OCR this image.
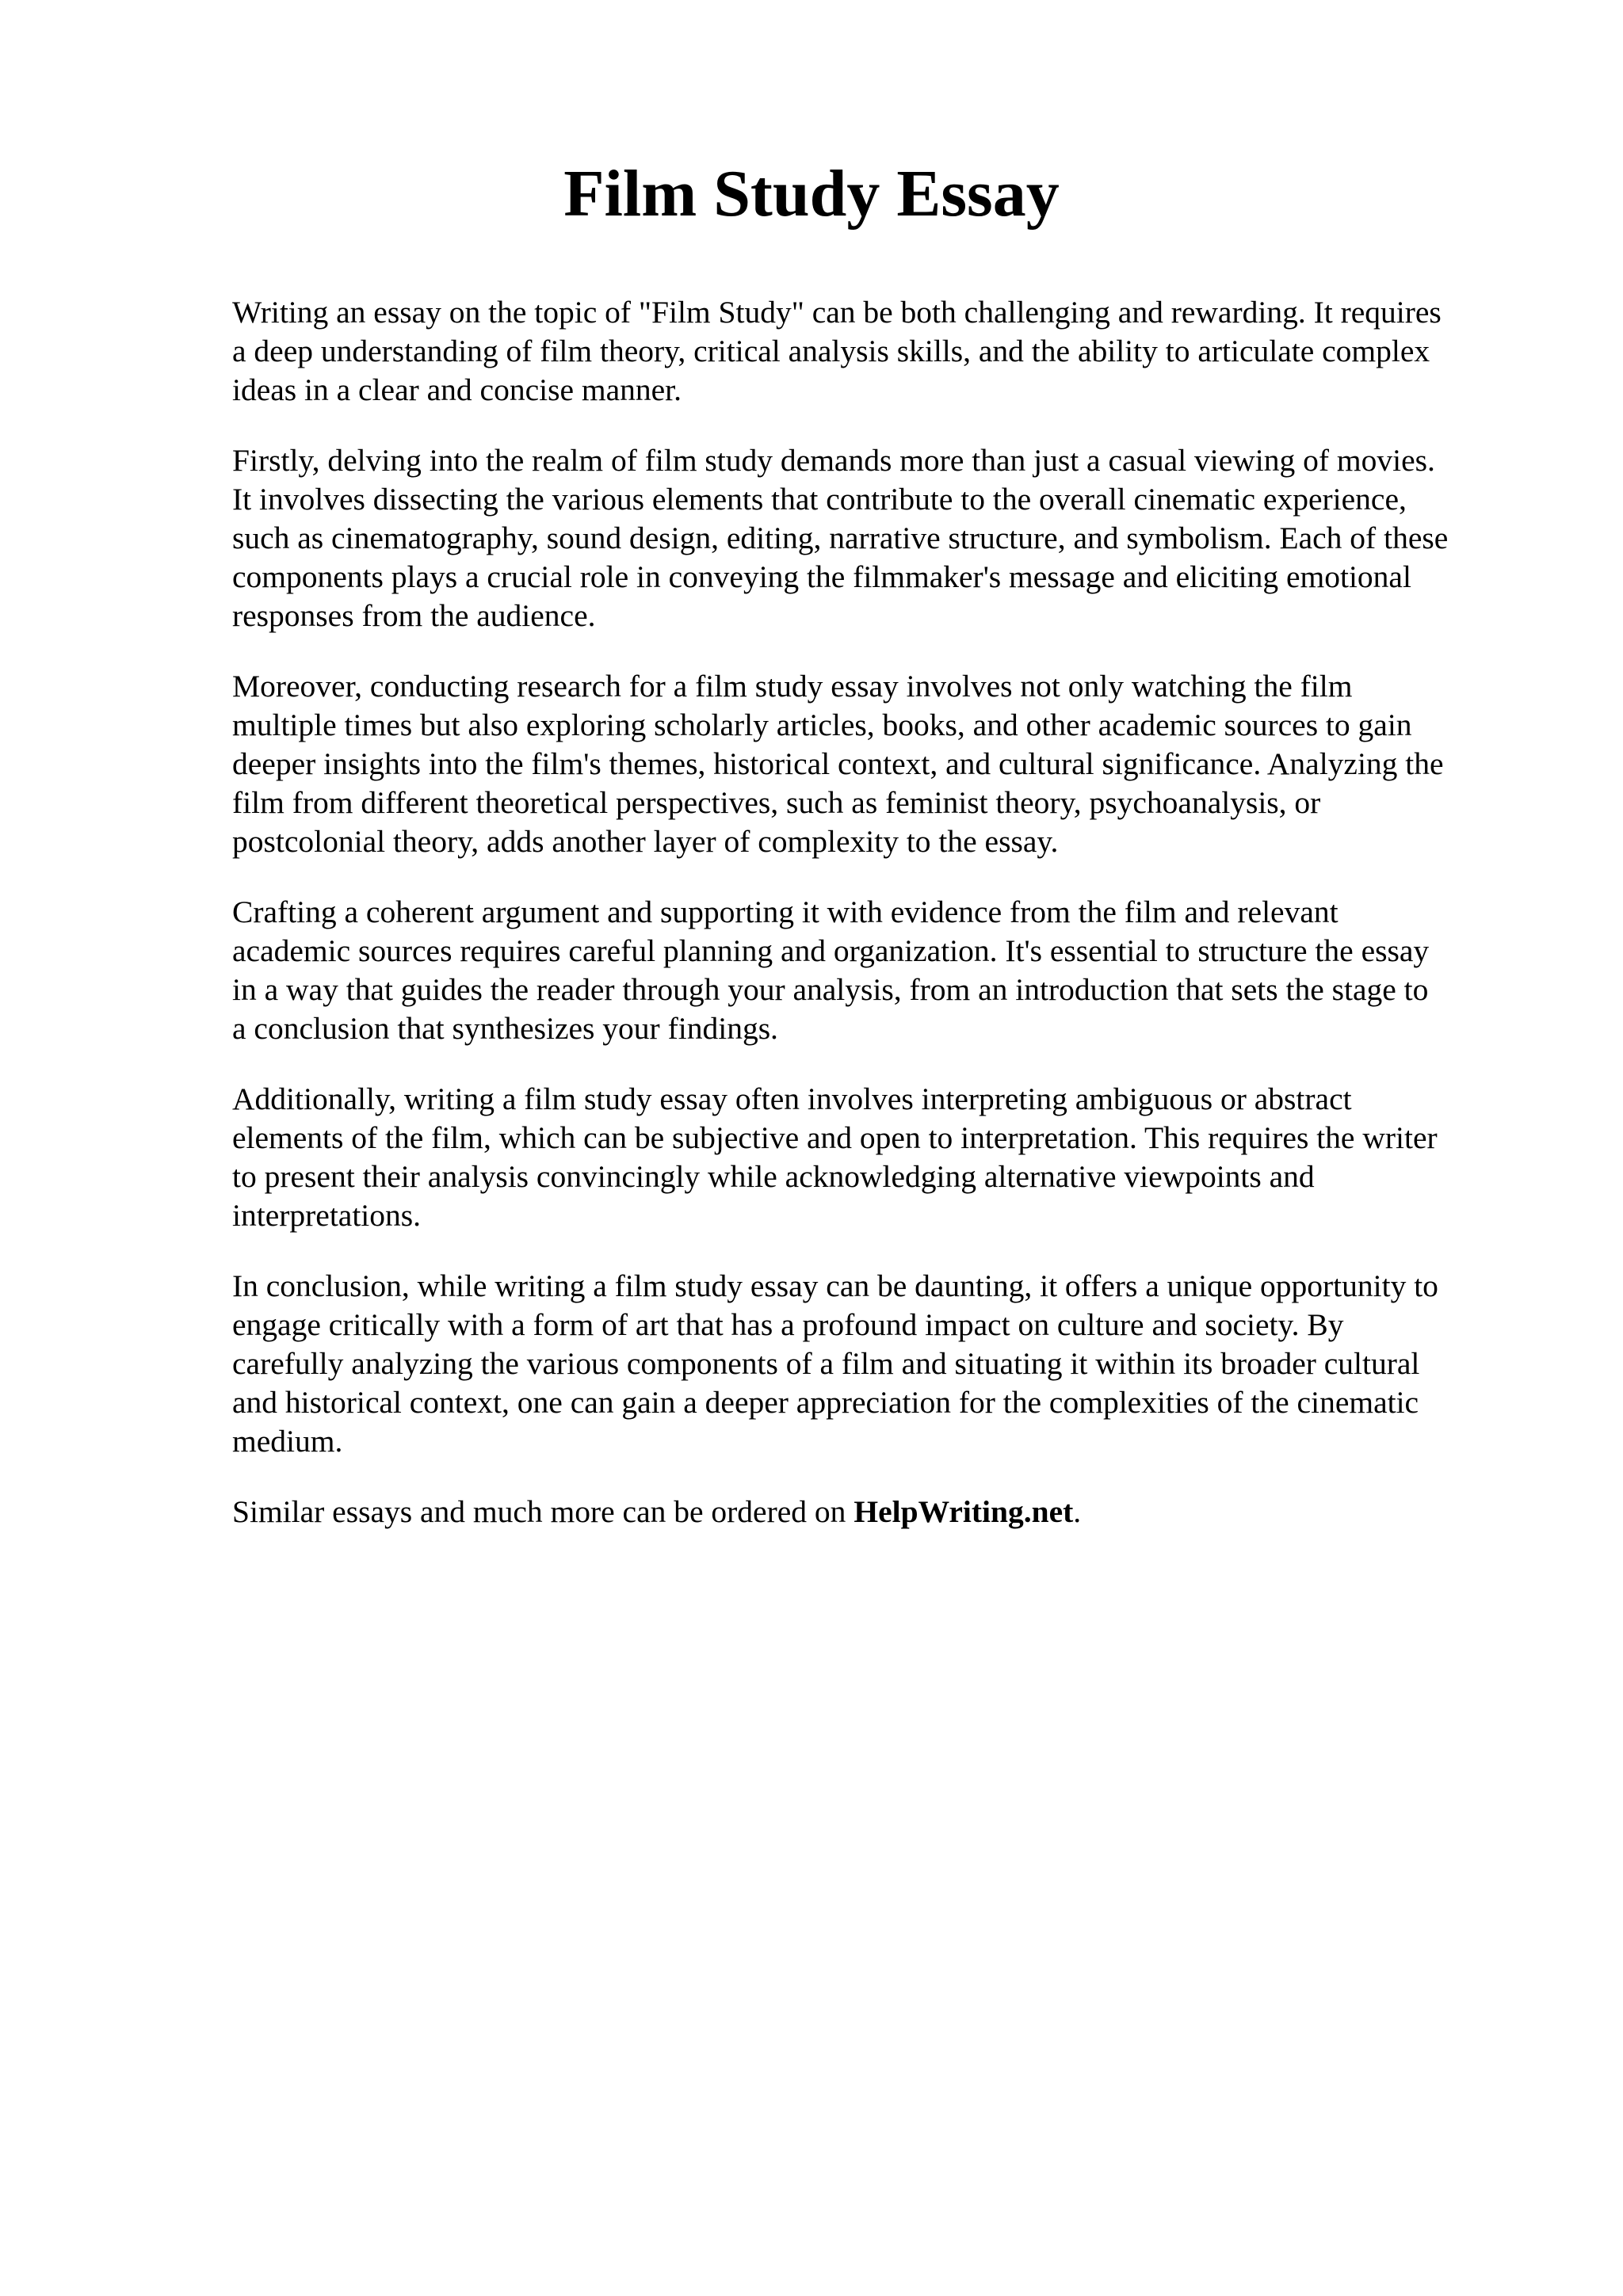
Film Study Essay

Writing an essay on the topic of "Film Study" can be both challenging and rewarding. It requires
a deep understanding of film theory, critical analysis skills, and the ability to articulate complex
ideas in a clear and concise manner.

Firstly, delving into the realm of film study demands more than just a casual viewing of movies.
It involves dissecting the various elements that contribute to the overall cinematic experience,
such as cinematography, sound design, editing, narrative structure, and symbolism. Each of these
components plays a crucial role in conveying the filmmaker's message and eliciting emotional
responses from the audience.

Moreover, conducting research for a film study essay involves not only watching the film
multiple times but also exploring scholarly articles, books, and other academic sources to gain
deeper insights into the film's themes, historical context, and cultural significance. Analyzing the
film from different theoretical perspectives, such as feminist theory, psychoanalysis, or
postcolonial theory, adds another layer of complexity to the essay.

Crafting a coherent argument and supporting it with evidence from the film and relevant
academic sources requires careful planning and organization. It's essential to structure the essay
in a way that guides the reader through your analysis, from an introduction that sets the stage to
a conclusion that synthesizes your findings.

Additionally, writing a film study essay often involves interpreting ambiguous or abstract
elements of the film, which can be subjective and open to interpretation. This requires the writer
to present their analysis convincingly while acknowledging alternative viewpoints and
interpretations.

In conclusion, while writing a film study essay can be daunting, it offers a unique opportunity to
engage critically with a form of art that has a profound impact on culture and society. By
carefully analyzing the various components of a film and situating it within its broader cultural
and historical context, one can gain a deeper appreciation for the complexities of the cinematic
medium.

Similar essays and much more can be ordered on HelpWriting.net.
